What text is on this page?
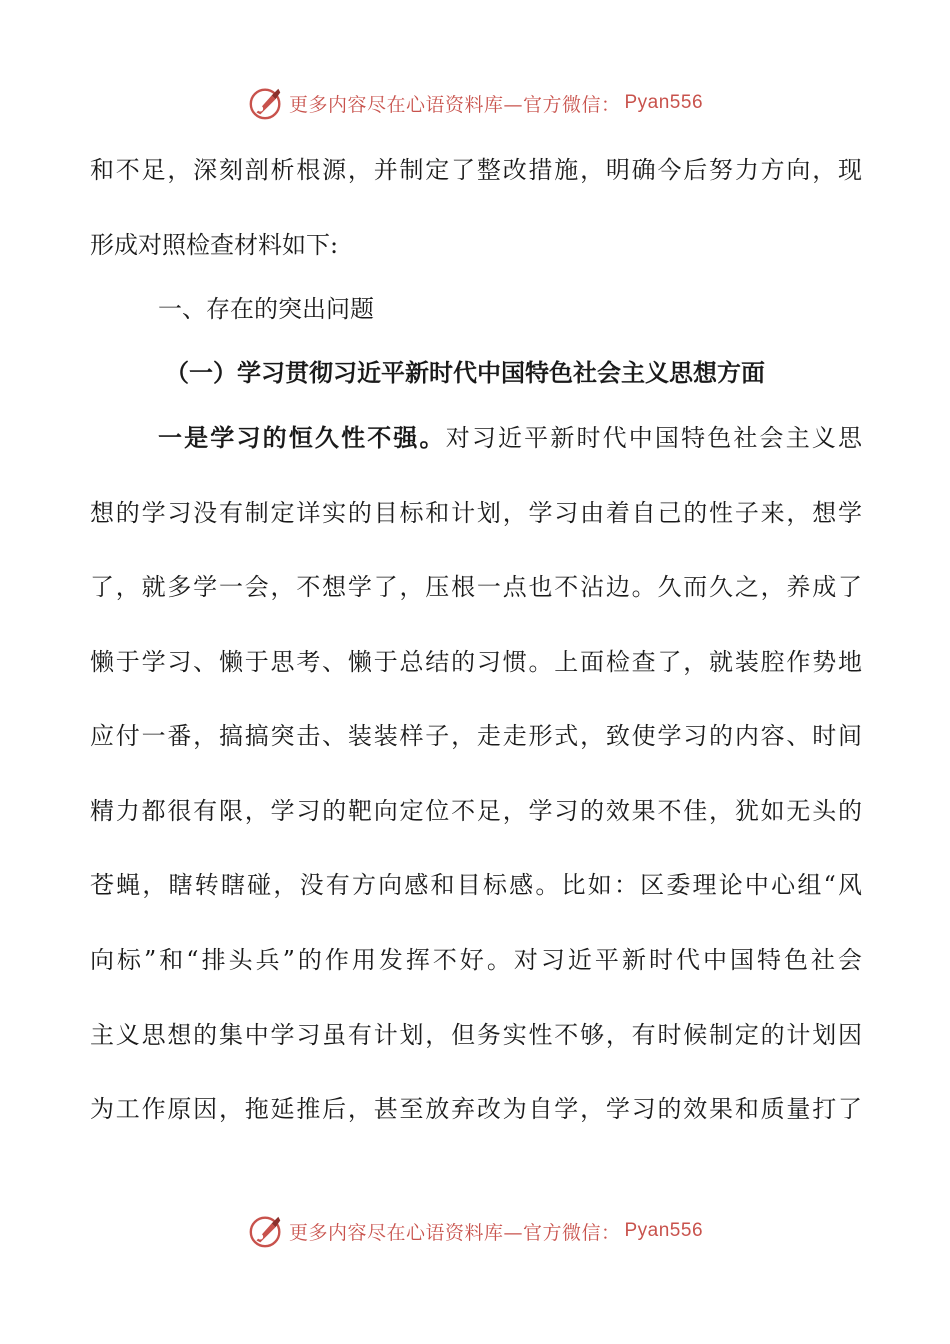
更多内容尽在心语资料库—官方微信： Pyan556
和不足，深刻剖析根源，并制定了整改措施，明确今后努力方向，现
形成对照检查材料如下:
一、存在的突出问题
（一）学习贯彻习近平新时代中国特色社会主义思想方面
一是学习的恒久性不强。对习近平新时代中国特色社会主义思
想的学习没有制定详实的目标和计划，学习由着自己的性子来，想学
了，就多学一会，不想学了，压根一点也不沾边。久而久之，养成了
懒于学习、懒于思考、懒于总结的习惯。上面检查了，就装腔作势地
应付一番，搞搞突击、装装样子，走走形式，致使学习的内容、时间
精力都很有限，学习的靶向定位不足，学习的效果不佳，犹如无头的
苍蝇，瞎转瞎碰，没有方向感和目标感。比如：区委理论中心组“风
向标”和“排头兵”的作用发挥不好。对习近平新时代中国特色社会
主义思想的集中学习虽有计划，但务实性不够，有时候制定的计划因
为工作原因，拖延推后，甚至放弃改为自学，学习的效果和质量打了
更多内容尽在心语资料库—官方微信： Pyan556
